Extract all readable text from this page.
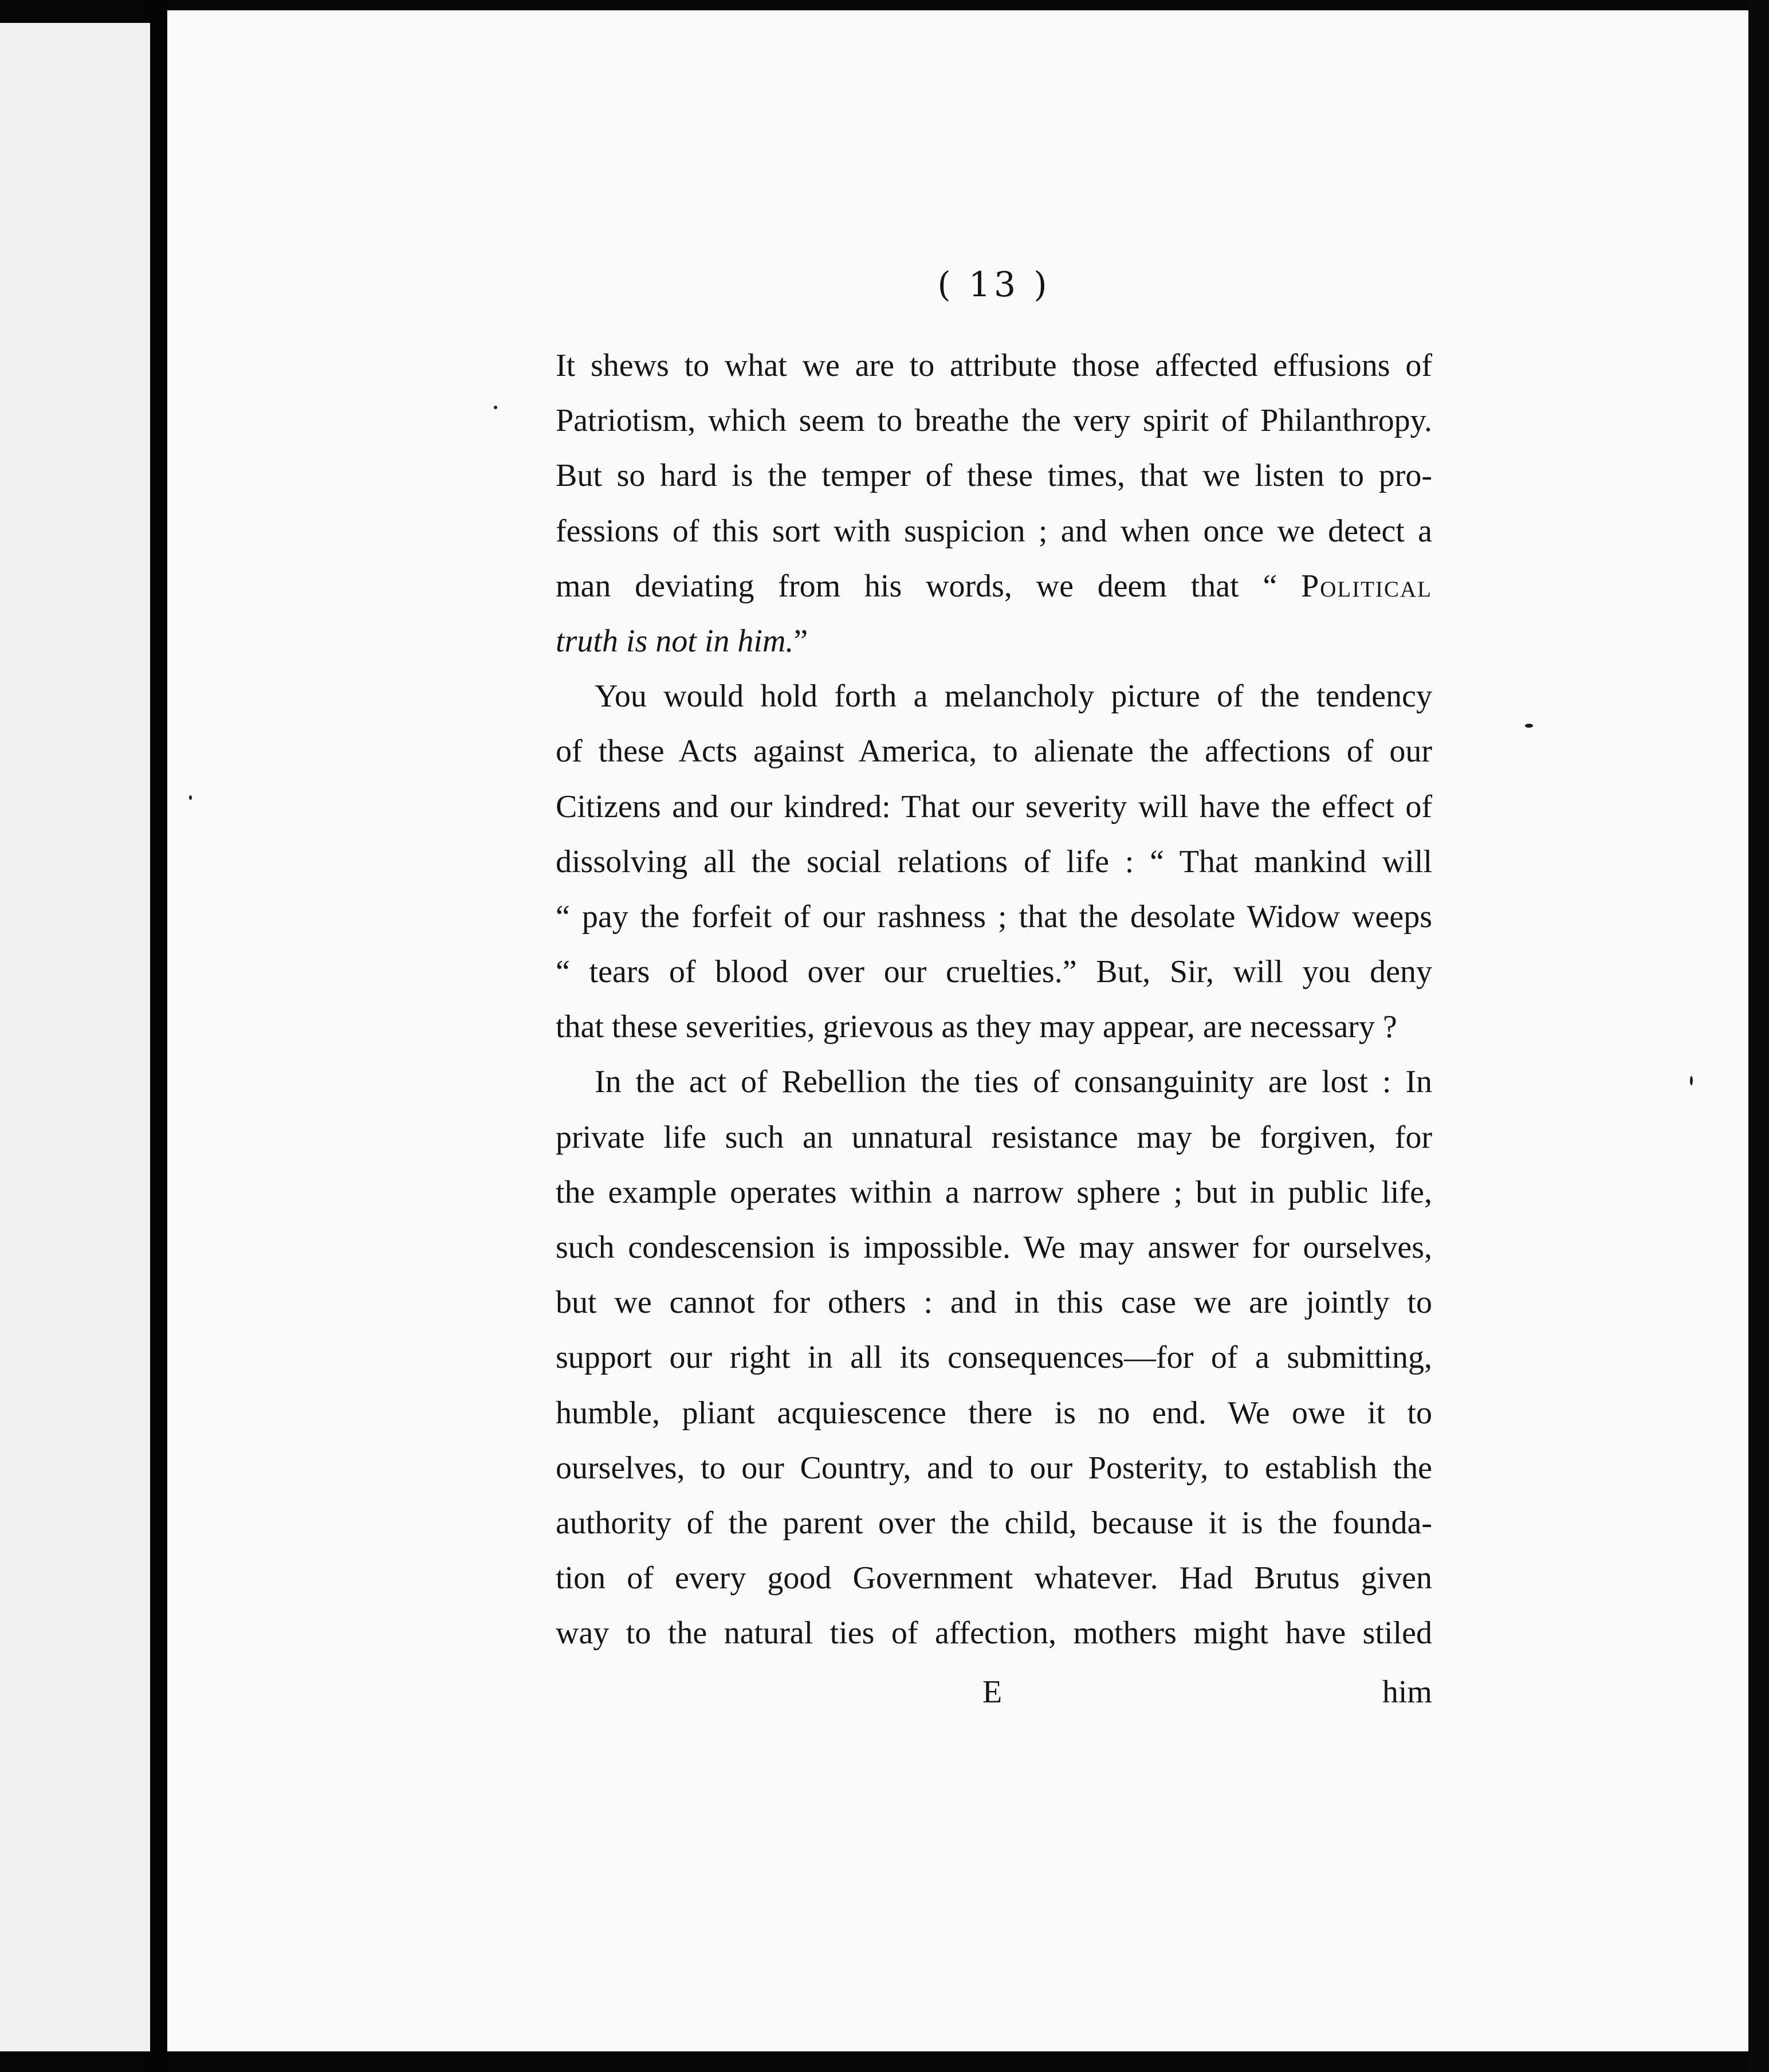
( 13 )
It shews to what we are to attribute those affected effusions of
Patriotism, which seem to breathe the very spirit of Philanthropy.
But so hard is the temper of these times, that we listen to pro-
fessions of this sort with suspicion ; and when once we detect a
man deviating from his words, we deem that “ Political
truth is not in him.”
You would hold forth a melancholy picture of the tendency
of these Acts against America, to alienate the affections of our
Citizens and our kindred: That our severity will have the effect of
dissolving all the social relations of life : “ That mankind will
“ pay the forfeit of our rashness ; that the desolate Widow weeps
“ tears of blood over our cruelties.” But, Sir, will you deny
that these severities, grievous as they may appear, are necessary ?
In the act of Rebellion the ties of consanguinity are lost : In
private life such an unnatural resistance may be forgiven, for
the example operates within a narrow sphere ; but in public life,
such condescension is impossible. We may answer for ourselves,
but we cannot for others : and in this case we are jointly to
support our right in all its consequences—for of a submitting,
humble, pliant acquiescence there is no end. We owe it to
ourselves, to our Country, and to our Posterity, to establish the
authority of the parent over the child, because it is the founda-
tion of every good Government whatever. Had Brutus given
way to the natural ties of affection, mothers might have stiled
E	him
